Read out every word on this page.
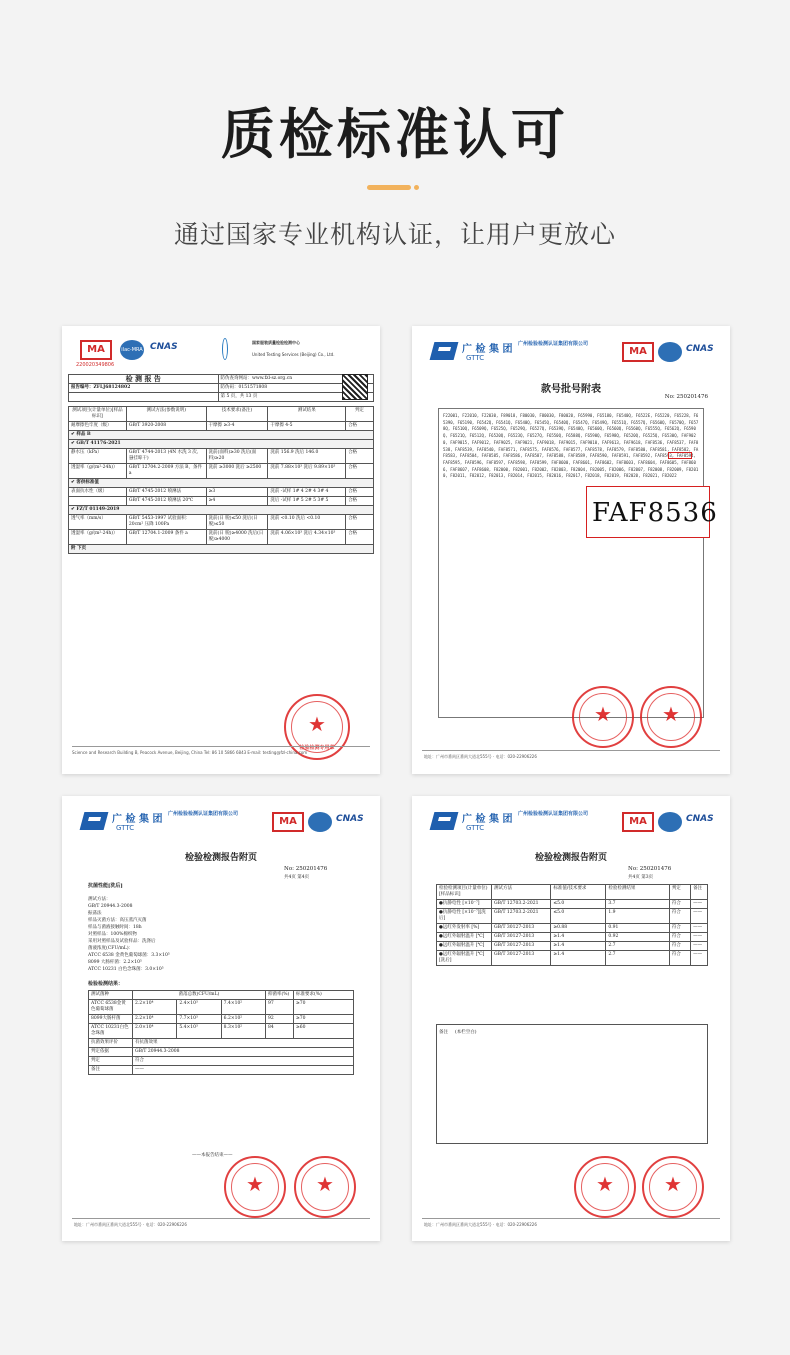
质检标准认可
通过国家专业机构认证，让用户更放心
MA
220020349806
ilac-MRA CNAS	国家服装质量检验检测中心
United Testing Services (Beijing) Co., Ltd.
检 测 报 告	防伪查询网站：www.fzl-sz.org.cn
报告编号：ZFLJ68124802	防伪码：0151571808
	第 5 页，共 13 页
测试项目(计量单位)[样品标识]	测试方法(参数说明)	技术要求(备注)	测试结果	判定
耐摩擦色牢度（级）	GB/T 3920-2008	干摩擦 ≥3-4	干摩擦 4-5	合格
✔ 样品 B				
✔ GB/T 41176-2021				
静水压（kPa）	GB/T 4744-2013 (4N 水洗 3 次, 悬挂晾干)	洗前(面料)≥30 洗后(面料)≥20	洗前 156.9 洗后 146.0	合格
透湿率（g/(m²·24h)）	GB/T 12704.2-2009 方法 B，条件 a	洗前 ≥3000 洗后 ≥2500	洗前 7.88×10³ 洗后 9.89×10³	合格
✔ 客供标准值				
表面抗水性（级）	GB/T 4745-2012 喷淋法	≥3	洗前 -试样 1# 4 2# 4 3# 4	合格
	GB/T 4745-2012 喷淋法 20℃	≥4	洗后 -试样 1# 5 2# 5 3# 5	合格
✔ FZ/T 01149-2019				
透气率（mm/s）	GB/T 5453-1997 试验面积：20cm² 压降 100Pa	洗前(日 脱)≤50 洗后(日 脱)≤50	洗前 <0.10 洗后 <0.10	合格
透湿率（g/(m²·24h)）	GB/T 12704.1-2009 条件 a	洗前(日 脱)≥4000 洗后(日 脱)≥4000	洗前 4.06×10³ 洗后 4.34×10³	合格
附 下页				
★
检验检测专用章
Science and Research Building B, Peacock Avenue, Beijing, China Tel: 86 10 5866 6843 E-mail: testing@fzl-china.com
广 检 集 团
GTTC
广州检验检测认证集团有限公司
MA	CNAS
款号批号附表
No: 250201476
F22001, F22010, F22030, F89018, F80030, F80030, F80020, F65990, F65180, F6540Q, F6522E, F65220, F65228, F65390, F65190, F6542Q, F6541Q, F6540Q, F6545Q, F6540Q, F6547Q, F6549Q, F6551Q, F6557Q, F6560Q, F6570Q, F6578Q, F6510Q, F6509Q, F6525Q, F6529Q, F6527Q, F6539Q, F6548Q, F6560Q, F6560Q, F6560Q, F6555Q, F6562Q, F6590Q, F6521Q, F6512Q, F6520Q, F6523Q, F6527Q, F6550Q, F6588Q, F6590Q, F6598Q, F6520Q, F6525Q, F6530Q, FAF9020, FAF9015, FAF9012, FAF9025, FAF9021, FAF9018, FAF9015, FAF9010, FAF9613, FAF9618, FAF8536, FAF8537, FAF8538, FAF8539, FAF8540, FAF8571, FAF8575, FAF8576, FAF8577, FAF8578, FAF8579, FAF8580, FAF8581, FAF8582, FAF8583, FAF8584, FAF8585, FAF8586, FAF8587, FAF8588, FAF8589, FAF8590, FAF8591, FAF8592, FAF8593, FAF8594, FAF8595, FAF8596, FAF8597, FAF8598, FAF8599, FAF8600, FAF8601, FAF8602, FAF8603, FAF8604, FAF8605, FAF8606, FAF8607, FAF8608, F82000, F82001, F82002, F82003, F82004, F82005, F82006, F82007, F82008, F82009, F82010, F82011, F82012, F82013, F82014, F82015, F82016, F82017, F82018, F82019, F82020, F82021, F82022
FAF8536
★	★
地址：广州市番禺区番禺大道北555号 · 电话：020-22906226
广 检 集 团
GTTC
广州检验检测认证集团有限公司
MA	CNAS
检验检测报告附页
No: 250201476
共4页 第4页
抗菌性能[洗后]
测试方法：
GB/T 20944.3-2008
振荡法
样品灭菌方法：高压蒸汽灭菌
样品与菌液接触时间：18h
对照样品：100%棉织物
采用对照样品及试验样品：洗涤后
菌液浓度(CFU/mL)：
ATCC 6538 金黄色葡萄球菌：3.3×10⁵
8099 大肠杆菌：2.2×10⁵
ATCC 10231 白色念珠菌：3.0×10⁵
检验检测结果：
测试菌种	菌落总数(CFU/mL)			抑菌率(%)	标准要求(%)
ATCC 6538金黄色葡萄球菌	2.2×10⁴	2.4×10³	7.4×10²	97	≥70
8099大肠杆菌	2.2×10⁴	7.7×10³	6.2×10²	92	≥70
ATCC 10231白色念珠菌	2.0×10⁴	5.4×10³	8.3×10²	84	≥60
抗菌效果评价	有抗菌效果				
判定依据	GB/T 20944.3-2008				
判定	符合				
备注	——				
——本报告结束——
★	★
地址：广州市番禺区番禺大道北555号 · 电话：020-22906226
广 检 集 团
GTTC
广州检验检测认证集团有限公司
MA	CNAS
检验检测报告附页
No: 250201476
共4页 第3页
检验检测项目(计量单位)[样品标识]	测试方法	标准值/技术要求	检验检测结果	判定	备注
●抗静电性 [×10⁻⁷]	GB/T 12703.2-2021	≤5.0	3.7	符合	——
●抗静电性 [×10⁻⁷][洗后]	GB/T 12703.2-2021	≤5.0	1.9	符合	——
●远红外发射率 [%]	GB/T 30127-2013	≥0.88	0.91	符合	——
●远红外辐射温升 [℃]	GB/T 30127-2013	≥1.4	0.92	符合	——
●远红外辐射温升 [℃]	GB/T 30127-2013	≥1.4	2.7	符合	——
●远红外辐射温升 [℃][洗后]	GB/T 30127-2013	≥1.4	2.7	符合	——
备注 (本栏空白)
★	★
地址：广州市番禺区番禺大道北555号 · 电话：020-22906226
